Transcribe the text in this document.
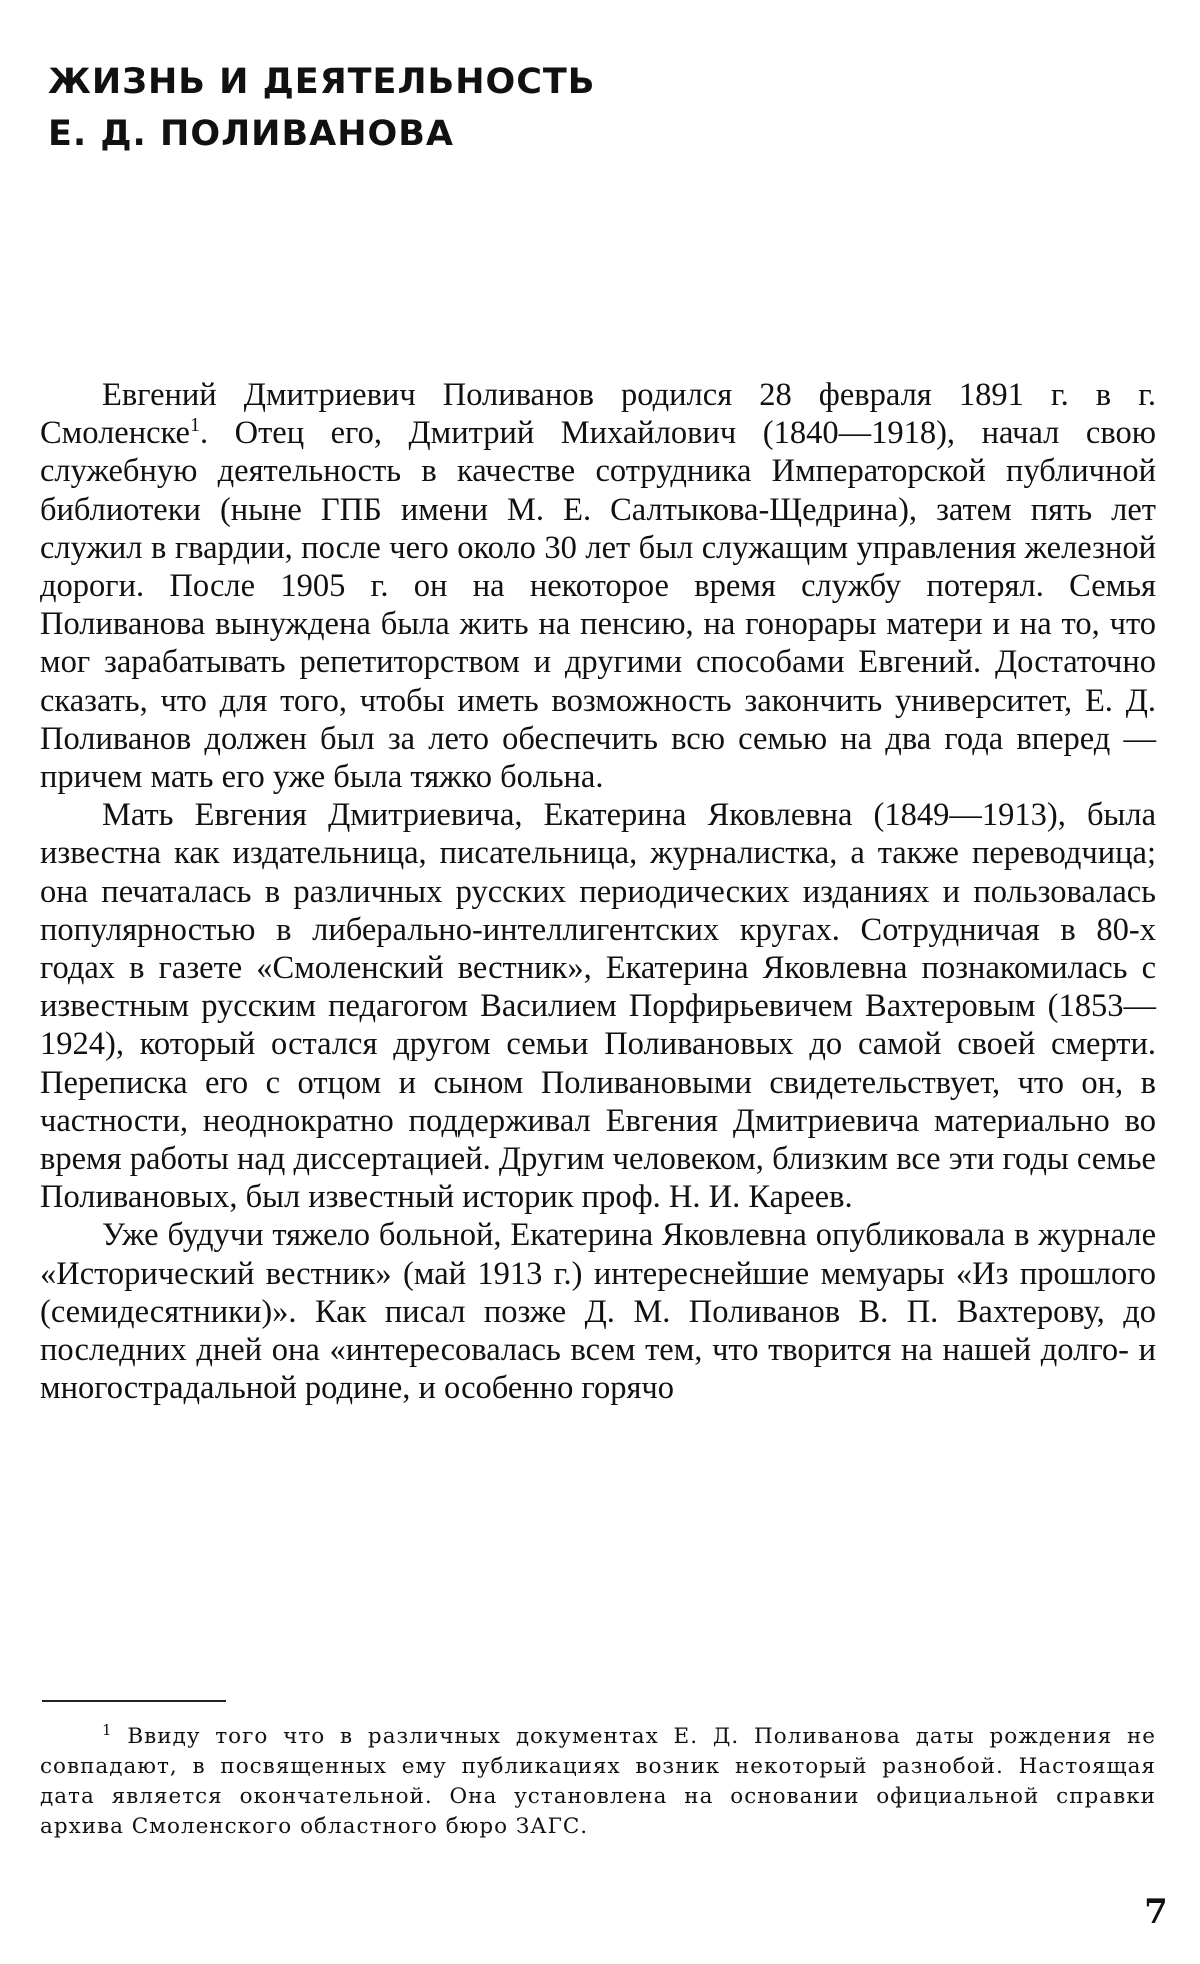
ЖИЗНЬ И ДЕЯТЕЛЬНОСТЬ
Е. Д. ПОЛИВАНОВА

Евгений Дмитриевич Поливанов родился 28 февраля 1891 г. в г. Смоленске$^1$. Отец его, Дмитрий Михайлович (1840—1918), начал свою служебную деятельность в качестве сотрудника Императорской публичной библиотеки (ныне ГПБ имени М. Е. Салтыкова-Щедрина), затем пять лет служил в гвардии, после чего около 30 лет был служащим управления железной дороги. После 1905 г. он на некоторое время службу потерял. Семья Поливанова вынуждена была жить на пенсию, на гонорары матери и на то, что мог зарабатывать репетиторством и другими способами Евгений. Достаточно сказать, что для того, чтобы иметь возможность закончить университет, Е. Д. Поливанов должен был за лето обеспечить всю семью на два года вперед — причем мать его уже была тяжко больна.

Мать Евгения Дмитриевича, Екатерина Яковлевна (1849—1913), была известна как издательница, писательница, журналистка, а также переводчица; она печаталась в различных русских периодических изданиях и пользовалась популярностью в либерально-интеллигентских кругах. Сотрудничая в 80-х годах в газете «Смоленский вестник», Екатерина Яковлевна познакомилась с известным русским педагогом Василием Порфирьевичем Вахтеровым (1853—1924), который остался другом семьи Поливановых до самой своей смерти. Переписка его с отцом и сыном Поливановыми свидетельствует, что он, в частности, неоднократно поддерживал Евгения Дмитриевича материально во время работы над диссертацией. Другим человеком, близким все эти годы семье Поливановых, был известный историк проф. Н. И. Кареев.

Уже будучи тяжело больной, Екатерина Яковлевна опубликовала в журнале «Исторический вестник» (май 1913 г.) интереснейшие мемуары «Из прошлого (семидесятники)». Как писал позже Д. М. Поливанов В. П. Вахтерову, до последних дней она «интересовалась всем тем, что творится на нашей долго- и многострадальной родине, и особенно горячо

$^1$ Ввиду того что в различных документах Е. Д. Поливанова даты рождения не совпадают, в посвященных ему публикациях возник некоторый разнобой. Настоящая дата является окончательной. Она установлена на основании официальной справки архива Смоленского областного бюро ЗАГС.
7
